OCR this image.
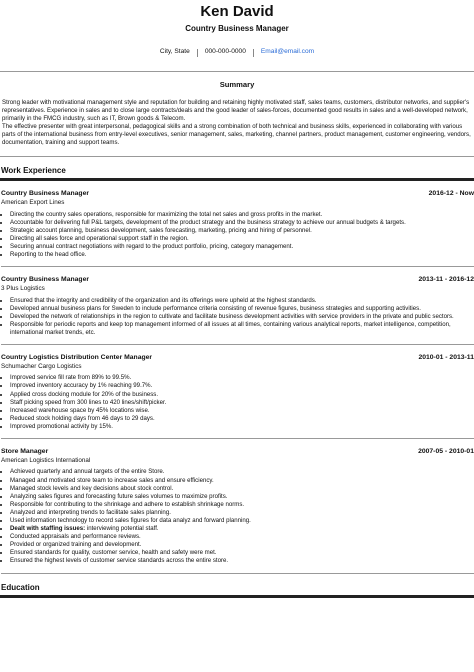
Ken David
Country Business Manager
City, State	000-000-0000	Email@email.com
Summary
Strong leader with motivational management style and reputation for building and retaining highly motivated staff, sales teams, customers, distributor networks, and supplier's representatives. Experience in sales and to close large contracts/deals and the good leader of sales-forces, documented good results in sales and a well-developed network, primarily in the FMCG industry, such as IT, Brown goods & Telecom.
The effective presenter with great interpersonal, pedagogical skills and a strong combination of both technical and business skills, experienced in collaborating with various parts of the international business from entry-level executives, senior management, sales, marketing, channel partners, product management, customer engineering, vendors, documentation, training and support teams.
Work Experience
Country Business Manager	2016-12 - Now
American Export Lines
• Directing the country sales operations, responsible for maximizing the total net sales and gross profits in the market.
• Accountable for delivering full P&L targets, development of the product strategy and the business strategy to achieve our annual budgets & targets.
• Strategic account planning, business development, sales forecasting, marketing, pricing and hiring of personnel.
• Directing all sales force and operational support staff in the region.
• Securing annual contract negotiations with regard to the product portfolio, pricing, category management.
• Reporting to the head office.
Country Business Manager	2013-11 - 2016-12
3 Plus Logistics
• Ensured that the integrity and credibility of the organization and its offerings were upheld at the highest standards.
• Developed annual business plans for Sweden to include performance criteria consisting of revenue figures, business strategies and supporting activities.
• Developed the network of relationships in the region to cultivate and facilitate business development activities with service providers in the private and public sectors.
• Responsible for periodic reports and keep top management informed of all issues at all times, containing various analytical reports, market intelligence, competition, international market trends, etc.
Country Logistics Distribution Center Manager	2010-01 - 2013-11
Schumacher Cargo Logistics
• Improved service fill rate from 89% to 99.5%.
• Improved inventory accuracy by 1% reaching 99.7%.
• Applied cross docking module for 20% of the business.
• Staff picking speed from 300 lines to 420 lines/shift/picker.
• Increased warehouse space by 45% locations wise.
• Reduced stock holding days from 46 days to 29 days.
• Improved promotional activity by 15%.
Store Manager	2007-05 - 2010-01
American Logistics International
• Achieved quarterly and annual targets of the entire Store.
• Managed and motivated store team to increase sales and ensure efficiency.
• Managed stock levels and key decisions about stock control.
• Analyzing sales figures and forecasting future sales volumes to maximize profits.
• Responsible for contributing to the shrinkage and adhere to establish shrinkage norms.
• Analyzed and interpreting trends to facilitate sales planning.
• Used information technology to record sales figures for data analyz and forward planning.
• Dealt with staffing issues: interviewing potential staff.
• Conducted appraisals and performance reviews.
• Provided or organized training and development.
• Ensured standards for quality, customer service, health and safety were met.
• Ensured the highest levels of customer service standards across the entire store.
Education
